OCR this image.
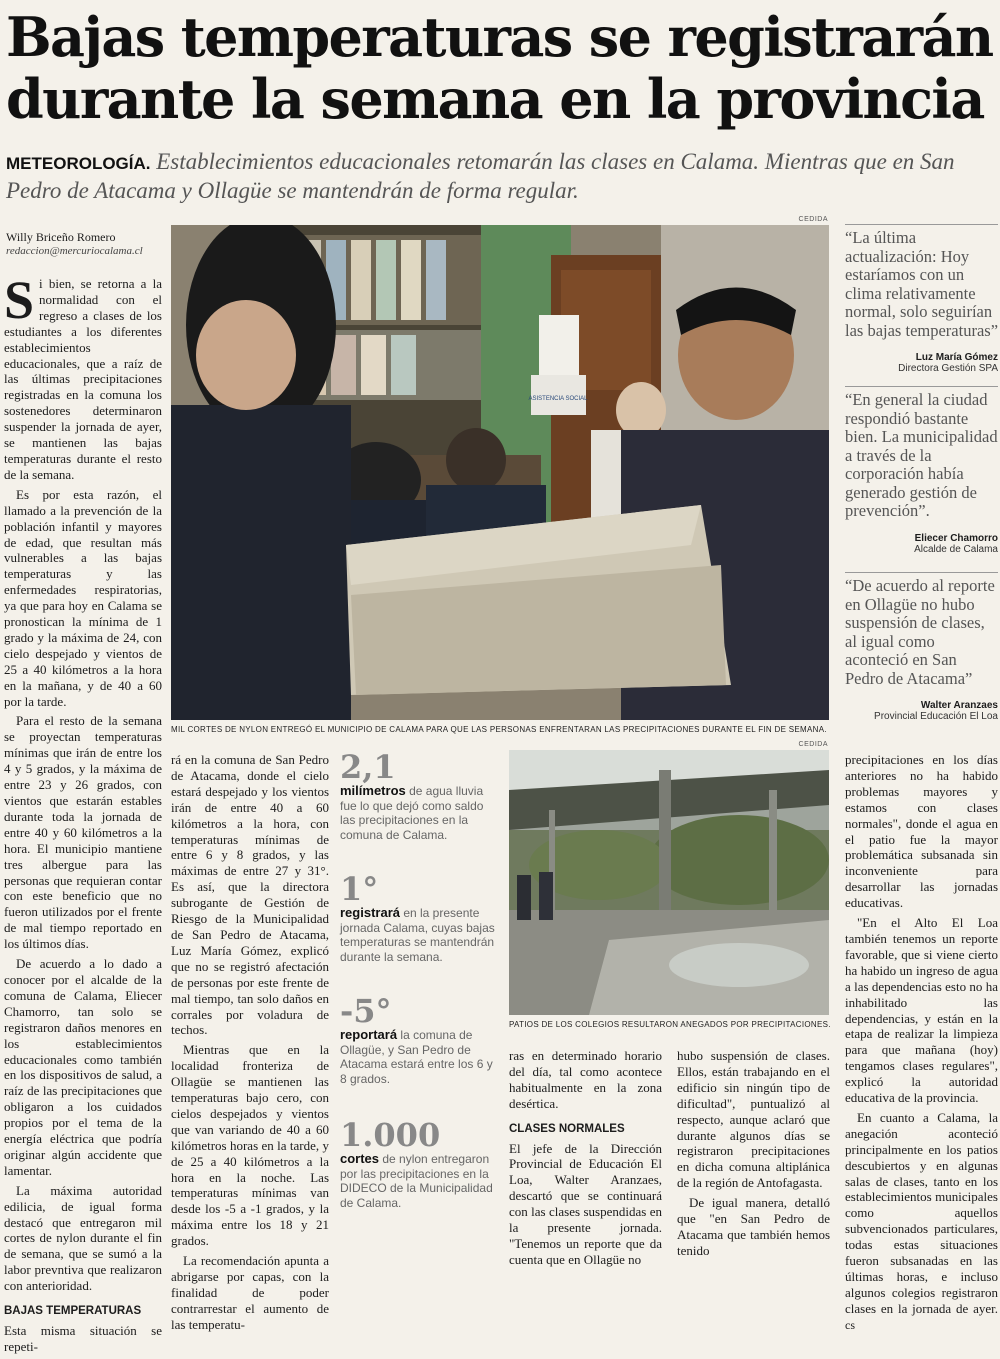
Bajas temperaturas se registrarán durante la semana en la provincia
METEOROLOGÍA. Establecimientos educacionales retomarán las clases en Calama. Mientras que en San Pedro de Atacama y Ollagüe se mantendrán de forma regular.
Willy Briceño Romero
redaccion@mercuriocalama.cl

Si bien, se retorna a la normalidad con el regreso a clases de los estudiantes a los diferentes establecimientos educacionales, que a raíz de las últimas precipitaciones registradas en la comuna los sostenedores determinaron suspender la jornada de ayer, se mantienen las bajas temperaturas durante el resto de la semana.

Es por esta razón, el llamado a la prevención de la población infantil y mayores de edad, que resultan más vulnerables a las bajas temperaturas y las enfermedades respiratorias, ya que para hoy en Calama se pronostican la mínima de 1 grado y la máxima de 24, con cielo despejado y vientos de 25 a 40 kilómetros a la hora en la mañana, y de 40 a 60 por la tarde.

Para el resto de la semana se proyectan temperaturas mínimas que irán de entre los 4 y 5 grados, y la máxima de entre 23 y 26 grados, con vientos que estarán estables durante toda la jornada de entre 40 y 60 kilómetros a la hora. El municipio mantiene tres albergue para las personas que requieran contar con este beneficio que no fueron utilizados por el frente de mal tiempo reportado en los últimos días.

De acuerdo a lo dado a conocer por el alcalde de la comuna de Calama, Eliecer Chamorro, tan solo se registraron daños menores en los establecimientos educacionales como también en los dispositivos de salud, a raíz de las precipitaciones que obligaron a los cuidados propios por el tema de la energía eléctrica que podría originar algún accidente que lamentar.

La máxima autoridad edilicia, de igual forma destacó que entregaron mil cortes de nylon durante el fin de semana, que se sumó a la labor prevntiva que realizaron con anterioridad.

BAJAS TEMPERATURAS

Esta misma situación se repeti-

CEDIDA
ASISTENCIA SOCIAL
MIL CORTES DE NYLON ENTREGÓ EL MUNICIPIO DE CALAMA PARA QUE LAS PERSONAS ENFRENTARAN LAS PRECIPITACIONES DURANTE EL FIN DE SEMANA.
“La última actualización: Hoy estaríamos con un clima relativamente normal, solo seguirían las bajas temperaturas”
Luz María Gómez
Directora Gestión SPA
“En general la ciudad respondió bastante bien. La municipalidad a través de la corporación había generado gestión de prevención”.
Eliecer Chamorro
Alcalde de Calama
“De acuerdo al reporte en Ollagüe no hubo suspensión de clases, al igual como aconteció en San Pedro de Atacama”
Walter Aranzaes
Provincial Educación El Loa

rá en la comuna de San Pedro de Atacama, donde el cielo estará despejado y los vientos irán de entre 40 a 60 kilómetros a la hora, con temperaturas mínimas de entre 6 y 8 grados, y las máximas de entre 27 y 31°. Es así, que la directora subrogante de Gestión de Riesgo de la Municipalidad de San Pedro de Atacama, Luz María Gómez, explicó que no se registró afectación de personas por este frente de mal tiempo, tan solo daños en corrales por voladura de techos.

Mientras que en la localidad fronteriza de Ollagüe se mantienen las temperaturas bajo cero, con cielos despejados y vientos que van variando de 40 a 60 kilómetros horas en la tarde, y de 25 a 40 kilómetros a la hora en la noche. Las temperaturas mínimas van desde los -5 a -1 grados, y la máxima entre los 18 y 21 grados.

La recomendación apunta a abrigarse por capas, con la finalidad de poder contrarrestar el aumento de las temperatu-

2,1
milímetros de agua lluvia fue lo que dejó como saldo las precipitaciones en la comuna de Calama.
1°
registrará en la presente jornada Calama, cuyas bajas temperaturas se mantendrán durante la semana.
-5°
reportará la comuna de Ollagüe, y San Pedro de Atacama estará entre los 6 y 8 grados.
1.000
cortes de nylon entregaron por las precipitaciones en la DIDECO de la Municipalidad de Calama.
CEDIDA
PATIOS DE LOS COLEGIOS RESULTARON ANEGADOS POR PRECIPITACIONES.

ras en determinado horario del día, tal como acontece habitualmente en la zona desértica.

CLASES NORMALES

El jefe de la Dirección Provincial de Educación El Loa, Walter Aranzaes, descartó que se continuará con las clases suspendidas en la presente jornada. "Tenemos un reporte que da cuenta que en Ollagüe no

hubo suspensión de clases. Ellos, están trabajando en el edificio sin ningún tipo de dificultad", puntualizó al respecto, aunque aclaró que durante algunos días se registraron precipitaciones en dicha comuna altiplánica de la región de Antofagasta.

De igual manera, detalló que "en San Pedro de Atacama que también hemos tenido

precipitaciones en los días anteriores no ha habido problemas mayores y estamos con clases normales", donde el agua en el patio fue la mayor problemática subsanada sin inconveniente para desarrollar las jornadas educativas.

"En el Alto El Loa también tenemos un reporte favorable, que si viene cierto ha habido un ingreso de agua a las dependencias esto no ha inhabilitado las dependencias, y están en la etapa de realizar la limpieza para que mañana (hoy) tengamos clases regulares", explicó la autoridad educativa de la provincia.

En cuanto a Calama, la anegación aconteció principalmente en los patios descubiertos y en algunas salas de clases, tanto en los establecimientos municipales como aquellos subvencionados particulares, todas estas situaciones fueron subsanadas en las últimas horas, e incluso algunos colegios registraron clases en la jornada de ayer. cs
